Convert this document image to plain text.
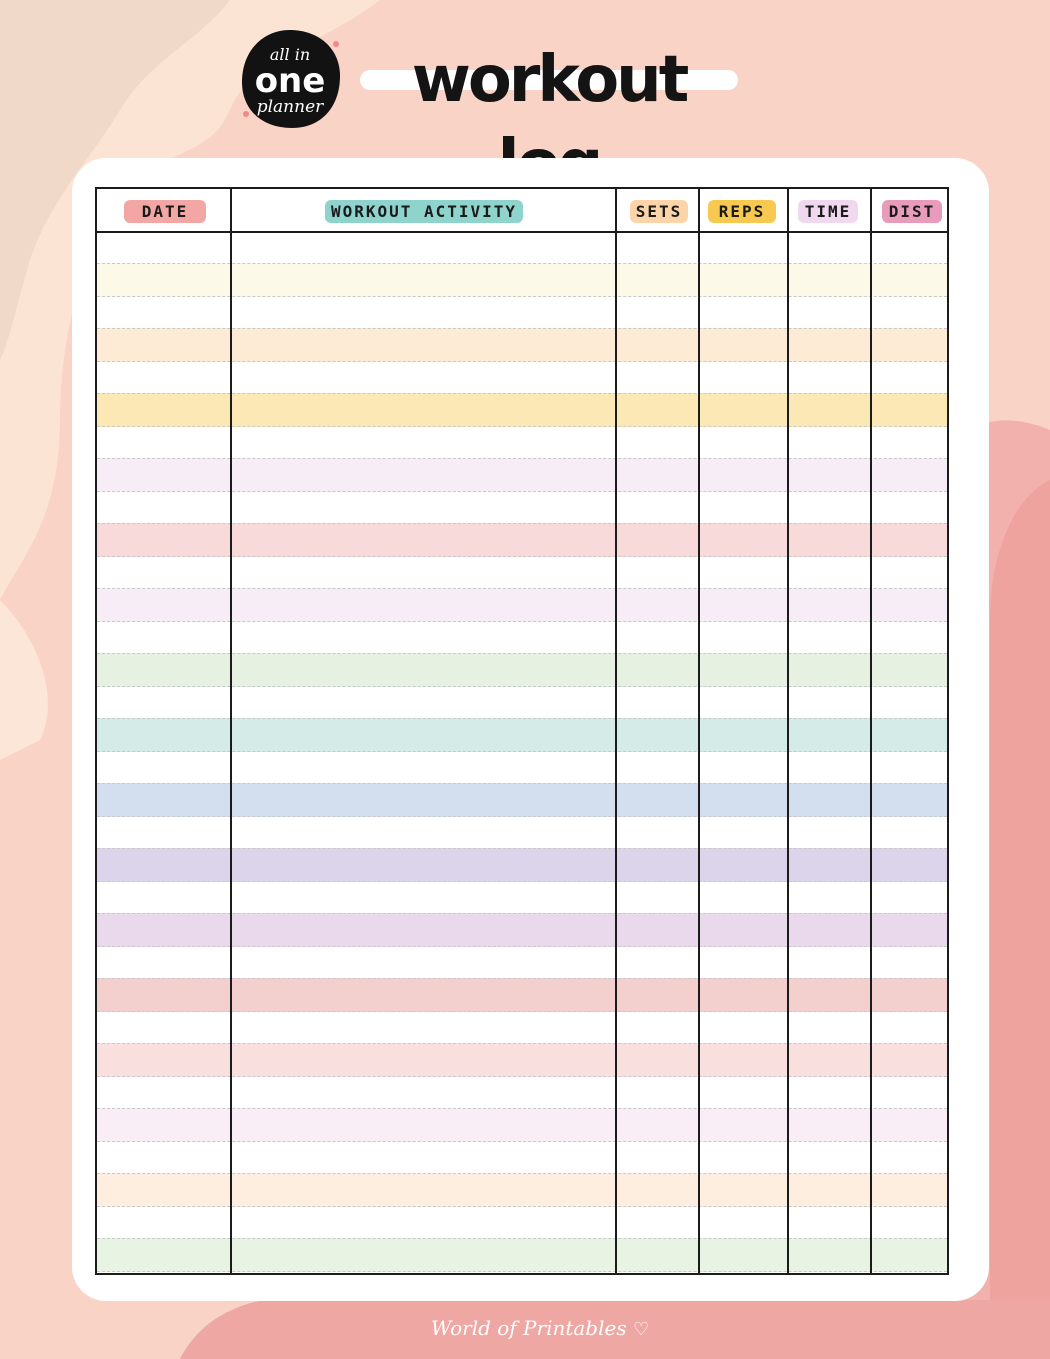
all in
one
planner	workout
DATE	WORKOUT ACTIVITY	SETS	REPS	TIME	DIST
World of Printables ♡
